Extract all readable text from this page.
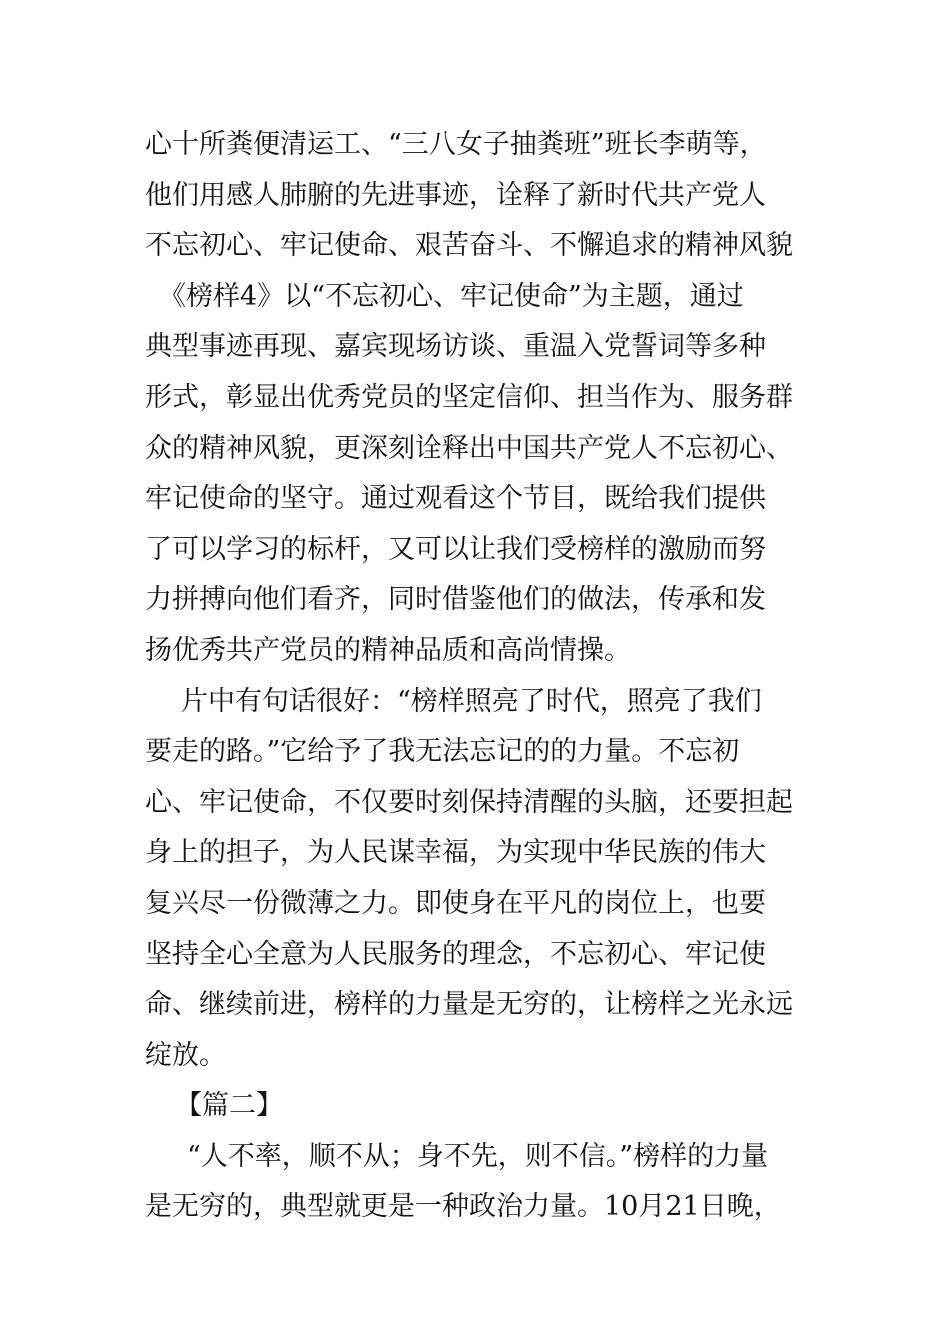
心十所粪便清运工、“三八女子抽粪班”班长李萌等，
他们用感人肺腑的先进事迹，诠释了新时代共产党人
不忘初心、牢记使命、艰苦奋斗、不懈追求的精神风貌
《榜样4》以“不忘初心、牢记使命”为主题，通过
典型事迹再现、嘉宾现场访谈、重温入党誓词等多种
形式，彰显出优秀党员的坚定信仰、担当作为、服务群
众的精神风貌，更深刻诠释出中国共产党人不忘初心、
牢记使命的坚守。通过观看这个节目，既给我们提供
了可以学习的标杆，又可以让我们受榜样的激励而努
力拼搏向他们看齐，同时借鉴他们的做法，传承和发
扬优秀共产党员的精神品质和高尚情操。
片中有句话很好：“榜样照亮了时代，照亮了我们
要走的路。”它给予了我无法忘记的的力量。不忘初
心、牢记使命，不仅要时刻保持清醒的头脑，还要担起
身上的担子，为人民谋幸福，为实现中华民族的伟大
复兴尽一份微薄之力。即使身在平凡的岗位上，也要
坚持全心全意为人民服务的理念，不忘初心、牢记使
命、继续前进，榜样的力量是无穷的，让榜样之光永远
绽放。
【篇二】
“人不率，顺不从；身不先，则不信。”榜样的力量
是无穷的，典型就更是一种政治力量。10月21日晚，
